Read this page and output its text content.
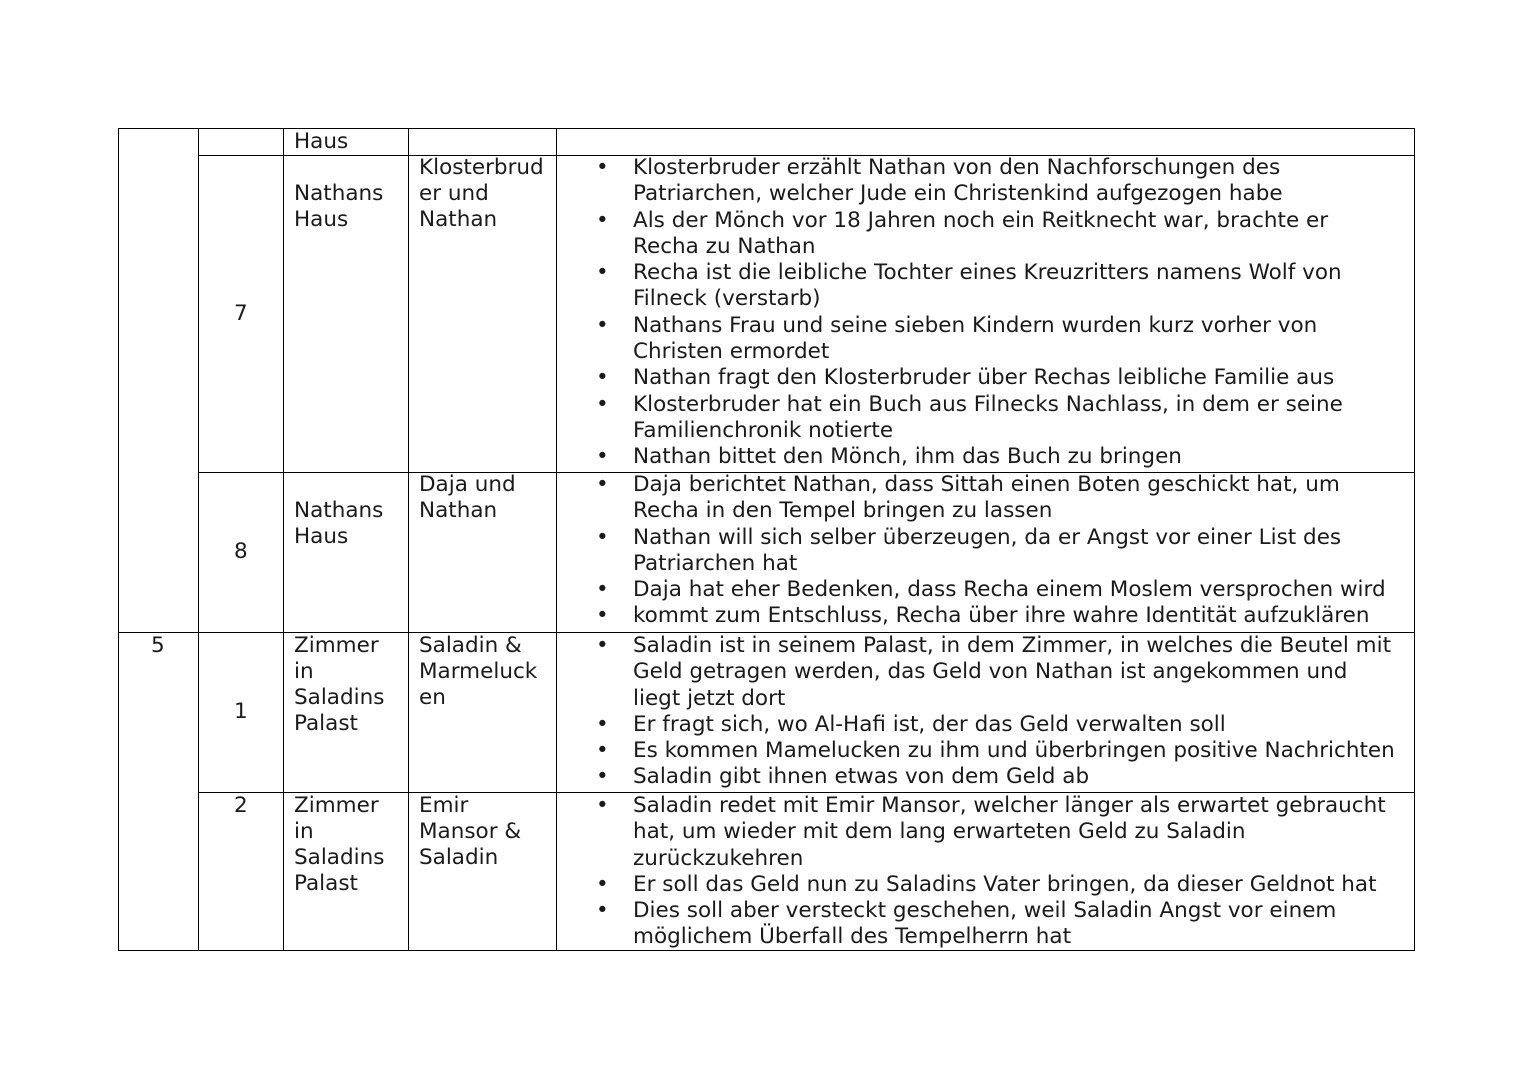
Haus
7
Nathans
Haus
Klosterbrud
er und
Nathan
• Klosterbruder erzählt Nathan von den Nachforschungen des
Patriarchen, welcher Jude ein Christenkind aufgezogen habe
• Als der Mönch vor 18 Jahren noch ein Reitknecht war, brachte er
Recha zu Nathan
• Recha ist die leibliche Tochter eines Kreuzritters namens Wolf von
Filneck (verstarb)
• Nathans Frau und seine sieben Kindern wurden kurz vorher von
Christen ermordet
• Nathan fragt den Klosterbruder über Rechas leibliche Familie aus
• Klosterbruder hat ein Buch aus Filnecks Nachlass, in dem er seine
Familienchronik notierte
• Nathan bittet den Mönch, ihm das Buch zu bringen
8
Nathans
Haus
Daja und
Nathan
• Daja berichtet Nathan, dass Sittah einen Boten geschickt hat, um
Recha in den Tempel bringen zu lassen
• Nathan will sich selber überzeugen, da er Angst vor einer List des
Patriarchen hat
• Daja hat eher Bedenken, dass Recha einem Moslem versprochen wird
• kommt zum Entschluss, Recha über ihre wahre Identität aufzuklären
5
1
Zimmer
in
Saladins
Palast
Saladin &
Marmeluck
en
• Saladin ist in seinem Palast, in dem Zimmer, in welches die Beutel mit
Geld getragen werden, das Geld von Nathan ist angekommen und
liegt jetzt dort
• Er fragt sich, wo Al-Hafi ist, der das Geld verwalten soll
• Es kommen Mamelucken zu ihm und überbringen positive Nachrichten
• Saladin gibt ihnen etwas von dem Geld ab
2 Zimmer
in
Saladins
Palast
Emir
Mansor &
Saladin
• Saladin redet mit Emir Mansor, welcher länger als erwartet gebraucht
hat, um wieder mit dem lang erwarteten Geld zu Saladin
zurückzukehren
• Er soll das Geld nun zu Saladins Vater bringen, da dieser Geldnot hat
• Dies soll aber versteckt geschehen, weil Saladin Angst vor einem
möglichem Überfall des Tempelherrn hat
